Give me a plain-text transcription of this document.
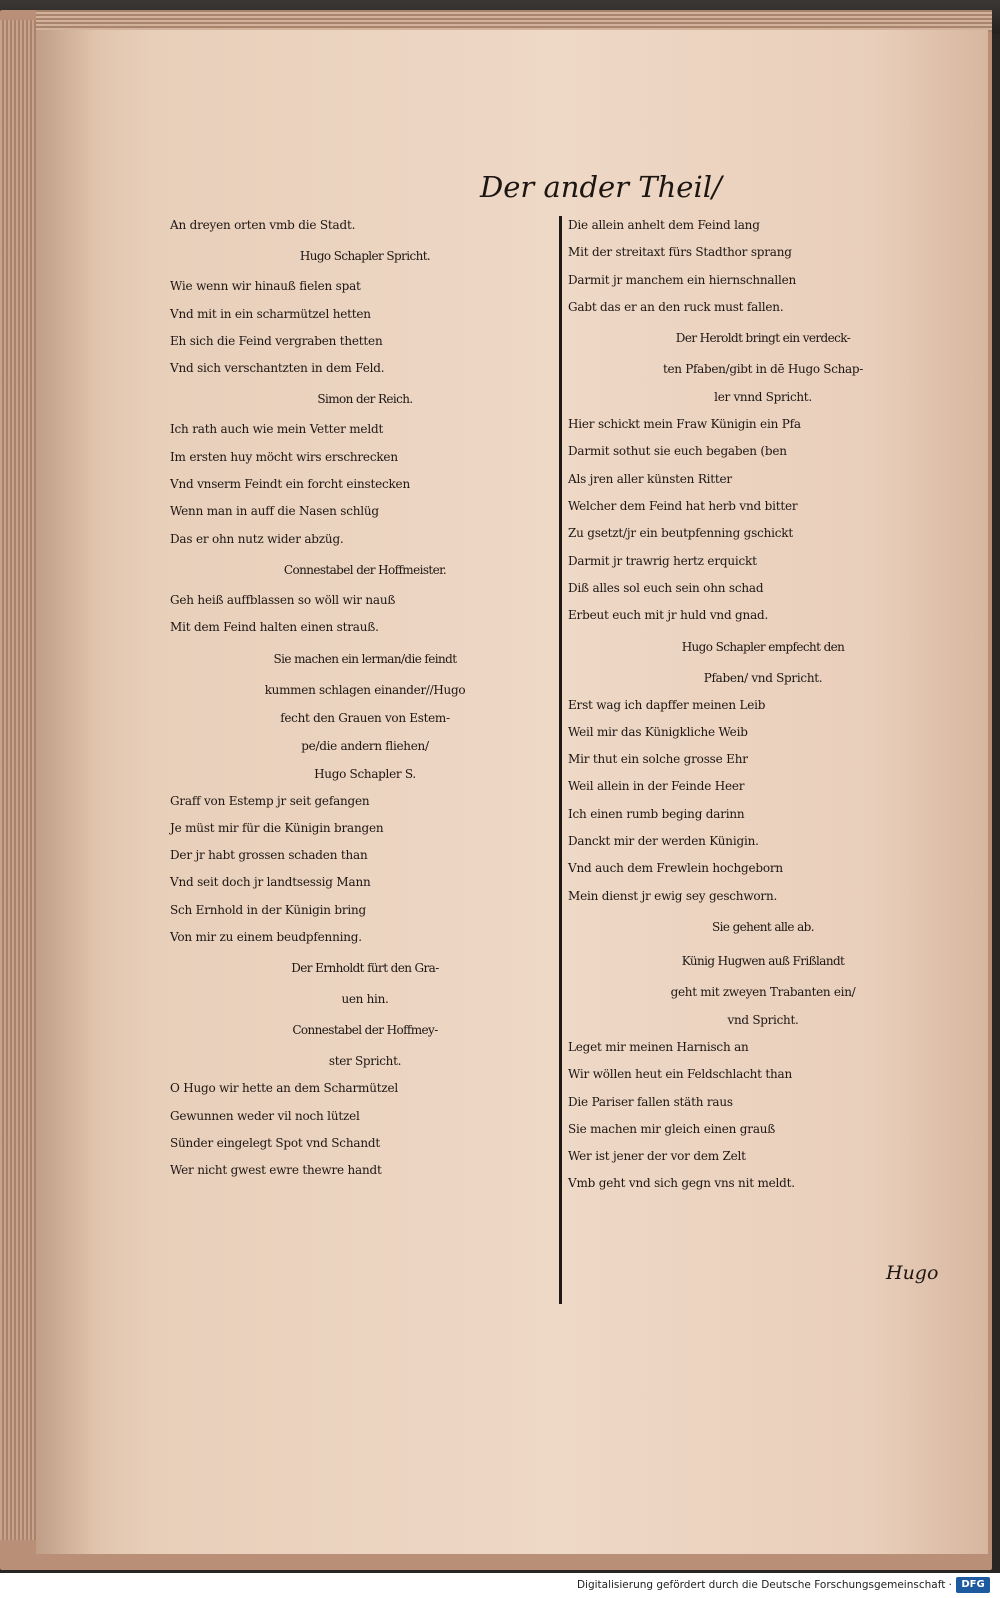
Der ander Theil/
An dreyen orten vmb die Stadt.
Hugo Schapler Spricht.
Wie wenn wir hinauß fielen spat
Vnd mit in ein scharmützel hetten
Eh sich die Feind vergraben thetten
Vnd sich verschantzten in dem Feld.
Simon der Reich.
Ich rath auch wie mein Vetter meldt
Im ersten huy möcht wirs erschrecken
Vnd vnserm Feindt ein forcht einstecken
Wenn man in auff die Nasen schlüg
Das er ohn nutz wider abzüg.
Connestabel der Hoffmeister.
Geh heiß auffblassen so wöll wir nauß
Mit dem Feind halten einen strauß.
Sie machen ein lerman/die feindt
kummen schlagen einander//Hugo
fecht den Grauen von Estem-
pe/die andern fliehen/
Hugo Schapler S.
Graff von Estemp jr seit gefangen
Je müst mir für die Künigin brangen
Der jr habt grossen schaden than
Vnd seit doch jr landtsessig Mann
Sch Ernhold in der Künigin bring
Von mir zu einem beudpfenning.
Der Ernholdt fürt den Gra-
uen hin.
Connestabel der Hoffmey-
ster Spricht.
O Hugo wir hette an dem Scharmützel
Gewunnen weder vil noch lützel
Sünder eingelegt Spot vnd Schandt
Wer nicht gwest ewre thewre handt
Die allein anhelt dem Feind lang
Mit der streitaxt fürs Stadthor sprang
Darmit jr manchem ein hiernschnallen
Gabt das er an den ruck must fallen.
Der Heroldt bringt ein verdeck-
ten Pfaben/gibt in dē Hugo Schap-
ler vnnd Spricht.
Hier schickt mein Fraw Künigin ein Pfa
Darmit sothut sie euch begaben (ben
Als jren aller künsten Ritter
Welcher dem Feind hat herb vnd bitter
Zu gsetzt/jr ein beutpfenning gschickt
Darmit jr trawrig hertz erquickt
Diß alles sol euch sein ohn schad
Erbeut euch mit jr huld vnd gnad.
Hugo Schapler empfecht den
Pfaben/ vnd Spricht.
Erst wag ich dapffer meinen Leib
Weil mir das Künigkliche Weib
Mir thut ein solche grosse Ehr
Weil allein in der Feinde Heer
Ich einen rumb beging darinn
Danckt mir der werden Künigin.
Vnd auch dem Frewlein hochgeborn
Mein dienst jr ewig sey geschworn.
Sie gehent alle ab.
Künig Hugwen auß Frißlandt
geht mit zweyen Trabanten ein/
vnd Spricht.
Leget mir meinen Harnisch an
Wir wöllen heut ein Feldschlacht than
Die Pariser fallen stäth raus
Sie machen mir gleich einen grauß
Wer ist jener der vor dem Zelt
Vmb geht vnd sich gegn vns nit meldt.
Hugo
Digitalisierung gefördert durch die Deutsche Forschungsgemeinschaft · DFG
